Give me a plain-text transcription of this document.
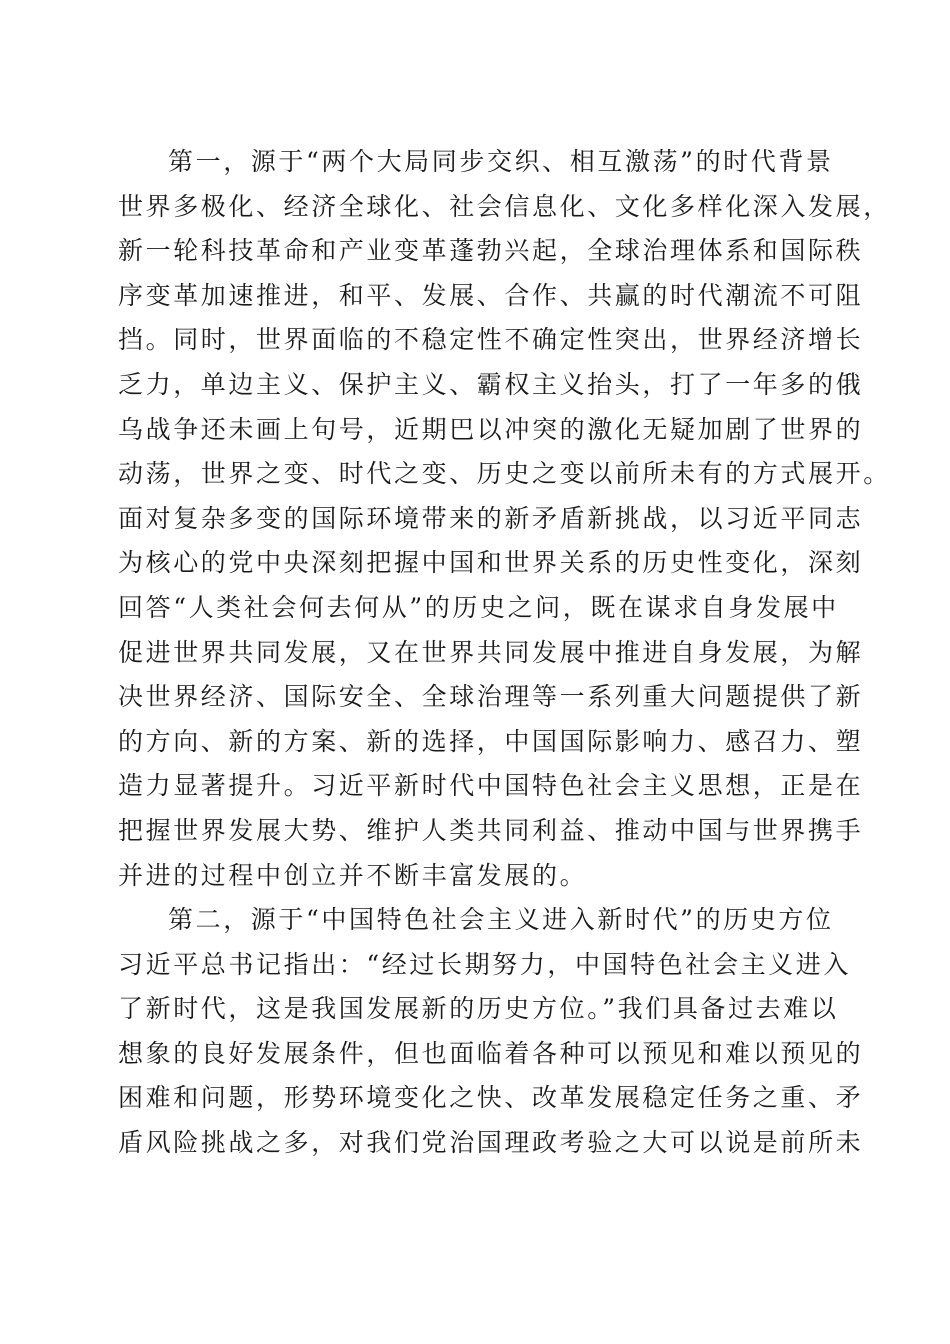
第一，源于“两个大局同步交织、相互激荡”的时代背景
世界多极化、经济全球化、社会信息化、文化多样化深入发展，
新一轮科技革命和产业变革蓬勃兴起，全球治理体系和国际秩
序变革加速推进，和平、发展、合作、共赢的时代潮流不可阻
挡。同时，世界面临的不稳定性不确定性突出，世界经济增长
乏力，单边主义、保护主义、霸权主义抬头，打了一年多的俄
乌战争还未画上句号，近期巴以冲突的激化无疑加剧了世界的
动荡，世界之变、时代之变、历史之变以前所未有的方式展开。
面对复杂多变的国际环境带来的新矛盾新挑战，以习近平同志
为核心的党中央深刻把握中国和世界关系的历史性变化，深刻
回答“人类社会何去何从”的历史之问，既在谋求自身发展中
促进世界共同发展，又在世界共同发展中推进自身发展，为解
决世界经济、国际安全、全球治理等一系列重大问题提供了新
的方向、新的方案、新的选择，中国国际影响力、感召力、塑
造力显著提升。习近平新时代中国特色社会主义思想，正是在
把握世界发展大势、维护人类共同利益、推动中国与世界携手
并进的过程中创立并不断丰富发展的。
第二，源于“中国特色社会主义进入新时代”的历史方位
习近平总书记指出：“经过长期努力，中国特色社会主义进入
了新时代，这是我国发展新的历史方位。”我们具备过去难以
想象的良好发展条件，但也面临着各种可以预见和难以预见的
困难和问题，形势环境变化之快、改革发展稳定任务之重、矛
盾风险挑战之多，对我们党治国理政考验之大可以说是前所未
